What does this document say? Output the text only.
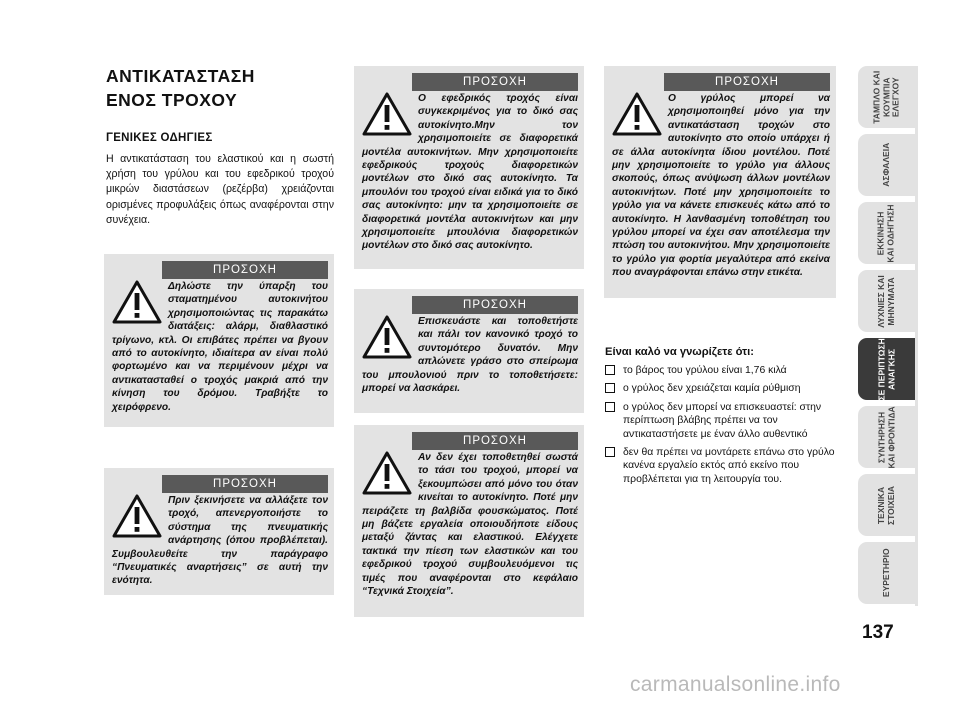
ΑΝΤΙΚΑΤΑΣΤΑΣΗ
ΕΝΟΣ ΤΡΟΧΟΥ
ΓΕΝΙΚΕΣ ΟΔΗΓΙΕΣ
Η αντικατάσταση του ελαστικού και η σωστή χρήση του γρύλου και του εφεδρικού τροχού μικρών διαστάσεων (ρεζέρβα) χρειάζονται ορισμένες προφυλάξεις όπως αναφέρονται στην συνέχεια.
ΠΡΟΣΟΧΗ
Δηλώστε την ύπαρξη του σταματημένου αυτοκινήτου χρησιμοποιώντας τις παρακάτω διατάξεις: αλάρμ, διαθλαστικό τρίγωνο, κτλ. Οι επιβάτες πρέπει να βγουν από το αυτοκίνητο, ιδιαίτερα αν είναι πολύ φορτωμένο και να περιμένουν μέχρι να αντικατασταθεί ο τροχός μακριά από την κίνηση του δρόμου. Τραβήξτε το χειρόφρενο.
ΠΡΟΣΟΧΗ
Πριν ξεκινήσετε να αλλάξετε τον τροχό, απενεργοποιήστε το σύστημα της πνευματικής ανάρτησης (όπου προβλέπεται). Συμβουλευθείτε την παράγραφο “Πνευματικές αναρτήσεις” σε αυτή την ενότητα.
ΠΡΟΣΟΧΗ
Ο εφεδρικός τροχός είναι συγκεκριμένος για το δικό σας αυτοκίνητο.Μην τον χρησιμοποιείτε σε διαφορετικά μοντέλα αυτοκινήτων. Μην χρησιμοποιείτε εφεδρικούς τροχούς διαφορετικών μοντέλων στο δικό σας αυτοκίνητο. Τα μπουλόνι του τροχού είναι ειδικά για το δικό σας αυτοκίνητο: μην τα χρησιμοποιείτε σε διαφορετικά μοντέλα αυτοκινήτων και μην χρησιμοποιείτε μπουλόνια διαφορετικών μοντέλων στο δικό σας αυτοκίνητο.
ΠΡΟΣΟΧΗ
Επισκευάστε και τοποθετήστε και πάλι τον κανονικό τροχό το συντομότερο δυνατόν. Μην απλώνετε γράσο στο σπείρωμα του μπουλονιού πριν το τοποθετήσετε: μπορεί να λασκάρει.
ΠΡΟΣΟΧΗ
Αν δεν έχει τοποθετηθεί σωστά το τάσι του τροχού, μπορεί να ξεκουμπώσει από μόνο του όταν κινείται το αυτοκίνητο. Ποτέ μην πειράζετε τη βαλβίδα φουσκώματος. Ποτέ μη βάζετε εργαλεία οποιουδήποτε είδους μεταξύ ζάντας και ελαστικού. Ελέγχετε τακτικά την πίεση των ελαστικών και του εφεδρικού τροχού συμβουλευόμενοι τις τιμές που αναφέρονται στο κεφάλαιο “Τεχνικά Στοιχεία”.
ΠΡΟΣΟΧΗ
Ο γρύλος μπορεί να χρησιμοποιηθεί μόνο για την αντικατάσταση τροχών στο αυτοκίνητο στο οποίο υπάρχει ή σε άλλα αυτοκίνητα ίδιου μοντέλου. Ποτέ μην χρησιμοποιείτε το γρύλο για άλλους σκοπούς, όπως ανύψωση άλλων μοντέλων αυτοκινήτων. Ποτέ μην χρησιμοποιείτε το γρύλο για να κάνετε επισκευές κάτω από το αυτοκίνητο. Η λανθασμένη τοποθέτηση του γρύλου μπορεί να έχει σαν αποτέλεσμα την πτώση του αυτοκινήτου. Μην χρησιμοποιείτε το γρύλο για φορτία μεγαλύτερα από εκείνα που αναγράφονται επάνω στην ετικέτα.
Είναι καλό να γνωρίζετε ότι:
το βάρος του γρύλου είναι 1,76 κιλά
ο γρύλος δεν χρειάζεται καμία ρύθμιση
ο γρύλος δεν μπορεί να επισκευαστεί: στην περίπτωση βλάβης πρέπει να τον αντικαταστήσετε με έναν άλλο αυθεντικό
δεν θα πρέπει να μοντάρετε επάνω στο γρύλο κανένα εργαλείο εκτός από εκείνο που προβλέπεται για τη λειτουργία του.
ΤΑΜΠΛΟ ΚΑΙ ΚΟΥΜΠΙΑ ΕΛΕΓΧΟΥ
ΑΣΦΑΛΕΙΑ
ΕΚΚΙΝΗΣΗ ΚΑΙ ΟΔΗΓΗΣΗ
ΛΥΧΝΙΕΣ ΚΑΙ ΜΗΝΥΜΑΤΑ
ΣΕ ΠΕΡΙΠΤΩΣΗ ΑΝΑΓΚΗΣ
ΣΥΝΤΗΡΗΣΗ ΚΑΙ ΦΡΟΝΤΙΔΑ
ΤΕΧΝΙΚΑ ΣΤΟΙΧΕΙΑ
ΕΥΡΕΤΗΡΙΟ
137
carmanualsonline.info
